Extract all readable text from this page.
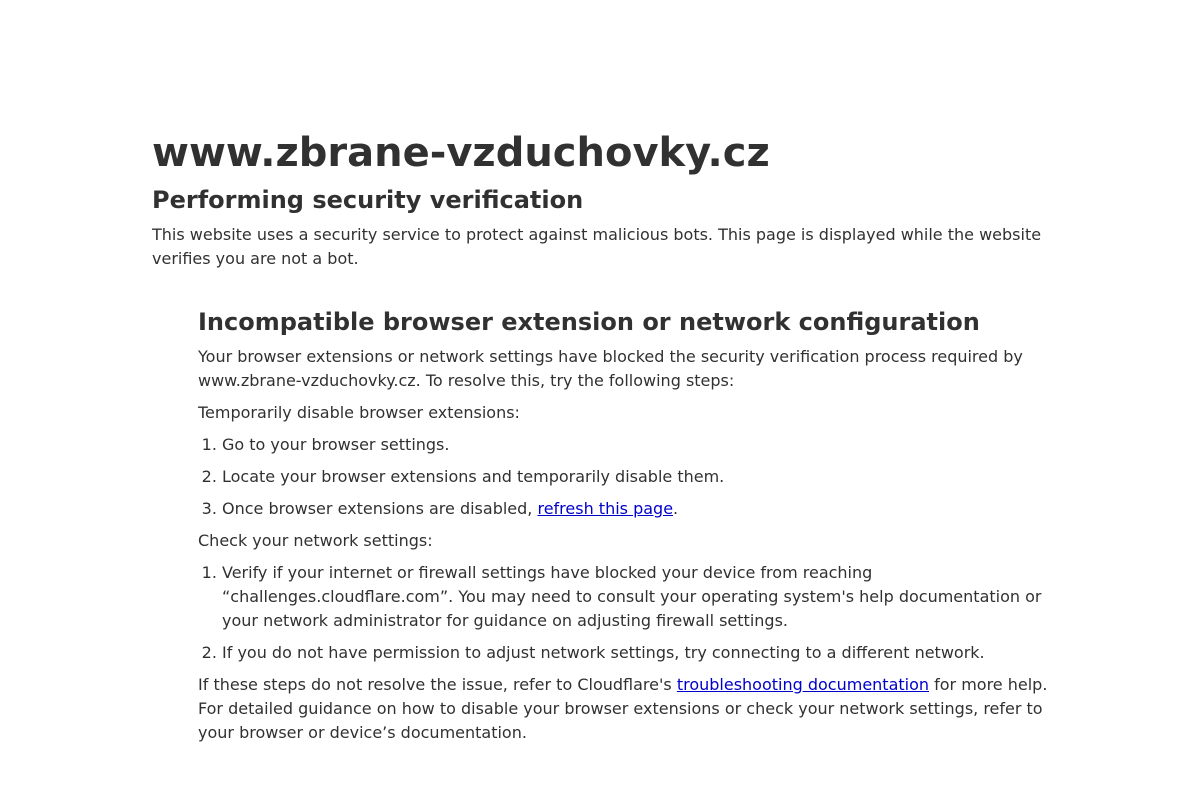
www.zbrane-vzduchovky.cz
Performing security verification

This website uses a security service to protect against malicious bots. This page is displayed while the website verifies you are not a bot.

Incompatible browser extension or network configuration

Your browser extensions or network settings have blocked the security verification process required by www.zbrane-vzduchovky.cz. To resolve this, try the following steps:

Temporarily disable browser extensions:

1. Go to your browser settings.
2. Locate your browser extensions and temporarily disable them.
3. Once browser extensions are disabled, refresh this page.

Check your network settings:

1. Verify if your internet or firewall settings have blocked your device from reaching “challenges.cloudflare.com”. You may need to consult your operating system's help documentation or your network administrator for guidance on adjusting firewall settings.
2. If you do not have permission to adjust network settings, try connecting to a different network.

If these steps do not resolve the issue, refer to Cloudflare's troubleshooting documentation for more help. For detailed guidance on how to disable your browser extensions or check your network settings, refer to your browser or device’s documentation.
